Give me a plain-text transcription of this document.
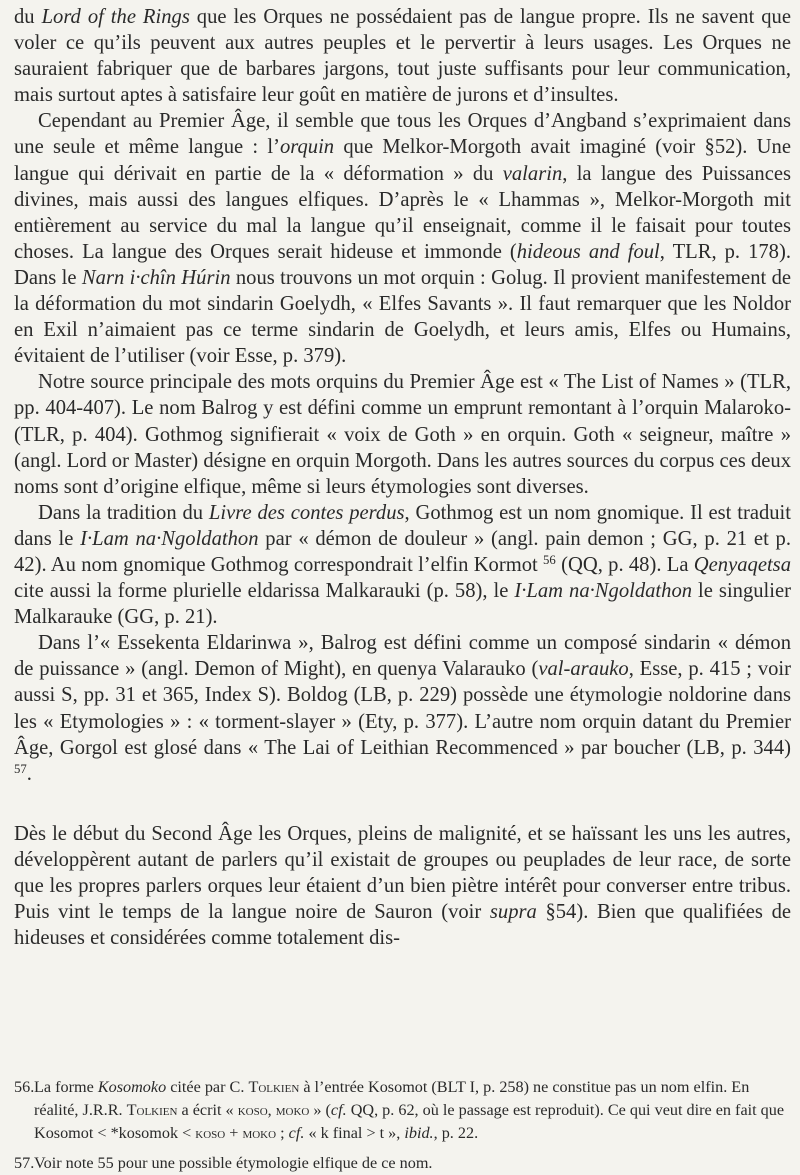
du Lord of the Rings que les Orques ne possédaient pas de langue propre. Ils ne savent que voler ce qu’ils peuvent aux autres peuples et le pervertir à leurs usages. Les Orques ne sauraient fabriquer que de barbares jargons, tout juste suffisants pour leur communication, mais surtout aptes à satisfaire leur goût en matière de jurons et d’insultes.

Cependant au Premier Âge, il semble que tous les Orques d’Angband s’exprimaient dans une seule et même langue : l’orquin que Melkor-Morgoth avait imaginé (voir §52). Une langue qui dérivait en partie de la « déformation » du valarin, la langue des Puissances divines, mais aussi des langues elfiques. D’après le « Lhammas », Melkor-Morgoth mit entièrement au service du mal la langue qu’il enseignait, comme il le faisait pour toutes choses. La langue des Orques serait hideuse et immonde (hideous and foul, TLR, p. 178). Dans le Narn i·chîn Húrin nous trouvons un mot orquin : Golug. Il provient manifestement de la déformation du mot sindarin Goelydh, « Elfes Savants ». Il faut remarquer que les Noldor en Exil n’aimaient pas ce terme sindarin de Goelydh, et leurs amis, Elfes ou Humains, évitaient de l’utiliser (voir Esse, p. 379).

Notre source principale des mots orquins du Premier Âge est « The List of Names » (TLR, pp. 404-407). Le nom Balrog y est défini comme un emprunt remontant à l’orquin Malaroko- (TLR, p. 404). Gothmog signifierait « voix de Goth » en orquin. Goth « seigneur, maître » (angl. Lord or Master) désigne en orquin Morgoth. Dans les autres sources du corpus ces deux noms sont d’origine elfique, même si leurs étymologies sont diverses.

Dans la tradition du Livre des contes perdus, Gothmog est un nom gnomique. Il est traduit dans le I·Lam na·Ngoldathon par « démon de douleur » (angl. pain demon ; GG, p. 21 et p. 42). Au nom gnomique Gothmog correspondrait l’elfin Kormot $^{56}$ (QQ, p. 48). La Qenyaqetsa cite aussi la forme plurielle eldarissa Malkarauki (p. 58), le I·Lam na·Ngoldathon le singulier Malkarauke (GG, p. 21).

Dans l’« Essekenta Eldarinwa », Balrog est défini comme un composé sindarin « démon de puissance » (angl. Demon of Might), en quenya Valarauko (val-arauko, Esse, p. 415 ; voir aussi S, pp. 31 et 365, Index S). Boldog (LB, p. 229) possède une étymologie noldorine dans les « Etymologies » : « torment-slayer » (Ety, p. 377). L’autre nom orquin datant du Premier Âge, Gorgol est glosé dans « The Lai of Leithian Recommenced » par boucher (LB, p. 344) $^{57}$.

Dès le début du Second Âge les Orques, pleins de malignité, et se haïssant les uns les autres, développèrent autant de parlers qu’il existait de groupes ou peuplades de leur race, de sorte que les propres parlers orques leur étaient d’un bien piètre intérêt pour converser entre tribus. Puis vint le temps de la langue noire de Sauron (voir supra §54). Bien que qualifiées de hideuses et considérées comme totalement dis-

56. La forme Kosomoko citée par C. Tolkien à l’entrée Kosomot (BLT I, p. 258) ne constitue pas un nom elfin. En réalité, J.R.R. Tolkien a écrit « koso, moko » (cf. QQ, p. 62, où le passage est reproduit). Ce qui veut dire en fait que Kosomot < *kosomok < koso + moko ; cf. « k final > t », ibid., p. 22.
57. Voir note 55 pour une possible étymologie elfique de ce nom.
